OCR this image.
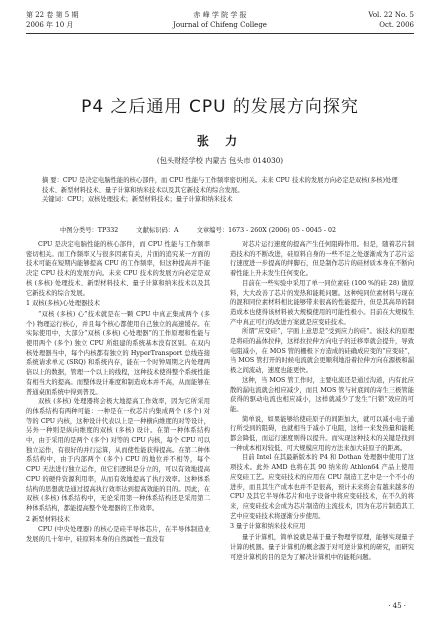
第 22 卷 第 5 期
2006 年 10 月
赤 峰 学 院 学 报
Journal of Chifeng College
Vol. 22 No. 5
Oct. 2006
P4 之后通用 CPU 的发展方向探究
张 力
(包头财经学校 内蒙古 包头市 014030)

摘 要：CPU 是决定电脑性能的核心部件，而 CPU 性能与工作频率密切相关。未来 CPU 技术的发展方向必定是双核(多核)处理技术、新型材料技术、量子计算和纳米技术以及其它新技术的综合发展。

关键词：CPU；双核处理技术；新型材料技术；量子计算和纳米技术

中图分类号：TP332	文献标识码：A	文章编号：1673 - 260X (2006) 05 - 0045 - 02

CPU 是决定电脑性能的核心部件，而 CPU 性能与工作频率密切相关。而工作频率又与很多因素有关，片面的追究某一方面的技术可能在短期内能够提高 CPU 的工作频率，但这种提高并不能决定 CPU 技术的发展方向。未来 CPU 技术的发展方向必定是双核 (多核) 处理技术、新型材料技术、量子计算和纳米技术以及其它新技术的综合发展。

1 双核(多核)心处理器技术

“双核 (多核) 心”技术就是在一颗 CPU 中真正集成两个 (多个) 物理运行核心，并且每个核心都使用自己独立的高速缓存。在实际使用中，大部分“双核 (多核) 心处理器”的工作原理和性能与使用两个 (多个) 独立 CPU 所组建的系统基本没有区别。在双内核处理器当中，每个内核都有独立的 HyperTransport 总线连接系统请求单元 (SRQ) 和系统内存，能在一个时钟周期之内处理两倍以上的数据，管理一个以上的线程，这种技术使得整个系统性能有相当大的提高。而整体设计难度和制造成本并不高，从而能够在普通桌面系统中得到普及。

双核 (多核) 处理器将会极大地提高工作效率，因为它所采用的体系结构有两种可能：一种是在一枚芯片内集成两个 (多个) 对等的 CPU 内核，这种设计代表以上是一种横向维度的对等设计，另外一种则是纵向维度的双核 (多核) 设计。在第一种体系结构中，由于采用的是两个 (多个) 对等的 CPU 内核，每个 CPU 可以独立运作，有很好的并行运算，从而使性能获得提高。在第二种体系结构中，由于内部两个 (多个) CPU 的地位并不相等，每个 CPU 无法进行独立运作，但它们逻辑是分立的，可以有效地提高 CPU 的硬件资源利用率，从而有效地提高了执行效率。这种体系结构的思想就是通过提高执行效率达到提高效能的目的。因此，在双核 (多核) 体系结构中，无论采用第一种体系结构还是采用第二种体系结构，都能提高整个处理器的工作效率。

2 新型材料技术

CPU (中央处理器) 的核心是硅半导体芯片，在半导体制造业发展的几十年中，硅原料本身的自然属性一直没有

对芯片运行速度的提高产生任何阻碍作用。但是，随着芯片制造技术的不断改进，硅原料自身的一些不足之处逐渐成为了芯片运行速度进一步提高的绊脚石，但是制作芯片的硅材质本身在不断向着性能上升未发生任何变化。

目前在一些实验中采用了单一同位素硅 (100 %的硅 28) 做原料，大大改善了芯片的发热和能耗问题。这种纯同位素材料与现在的混和同位素材料相比能够带来很高的性能提升，但是其高昂的制造成本也使得该材料被大规模使用的可能性极小。目前在大规模生产中真正可行的改进方案就是应变硅技术。

所谓“应变硅”，字面上意思是“受到应力的硅”。该技术的原理是将硅的晶体拉伸，这样拉拉伸方向电子的迁移率就会提升，导致电阻减小，在 MOS 管的栅极下方造成的硅确成应变的“应变硅”，当 MOS 管打开的时候电流就会更顺利地沿着拉伸方向在源极和漏极之间流动，速度也能更快。

这种，当 MOS 管工作时，主要电流还是通过沟道，内有此应散的漏电流就会相应减少，而且 MOS 管与衬底间的寄生三极管能获得的驱动电流也相应减小，这样就减少了发生“闩锁”效应的可能。

简单说，如果能够给使硅原子的间距加大，就可以减小电子通行所受到的阻碍，也就相当于减小了电阻，这样一来发热量和能耗都会降低，而运行速度则得以提升。而实现这种技术的关键是找到一种成本相对较低、可大规模应用的方法来加大硅原子的距离。

目前 Intel 在其最新版本的 P4 和 Dothan 处理器中使用了这项技术。此外 AMD 也将在其 90 纳米的 Athlon64 产品上使用应变硅工艺。应变硅技术的应用在 CPU 制造工艺中是一个不小的进步，而且其生产成本也并不是很高，预计未来将会有越来越多的 CPU 及其它半导体芯片和电子设备中将应变硅技术，在不久的将来，应变硅技术会成为芯片制造的主流技术，因为在芯片制造其工艺中应变硅技术将逐渐分步使用。

3 量子计算和纳米技术应用

量子计算机，简单说就是基于量子物理学原理，能够实现量子计算的机器。量子计算机的概念源于对可逆计算机的研究，而研究可逆计算机的目的是为了解决计算机中的能耗问题。

· 45 ·
